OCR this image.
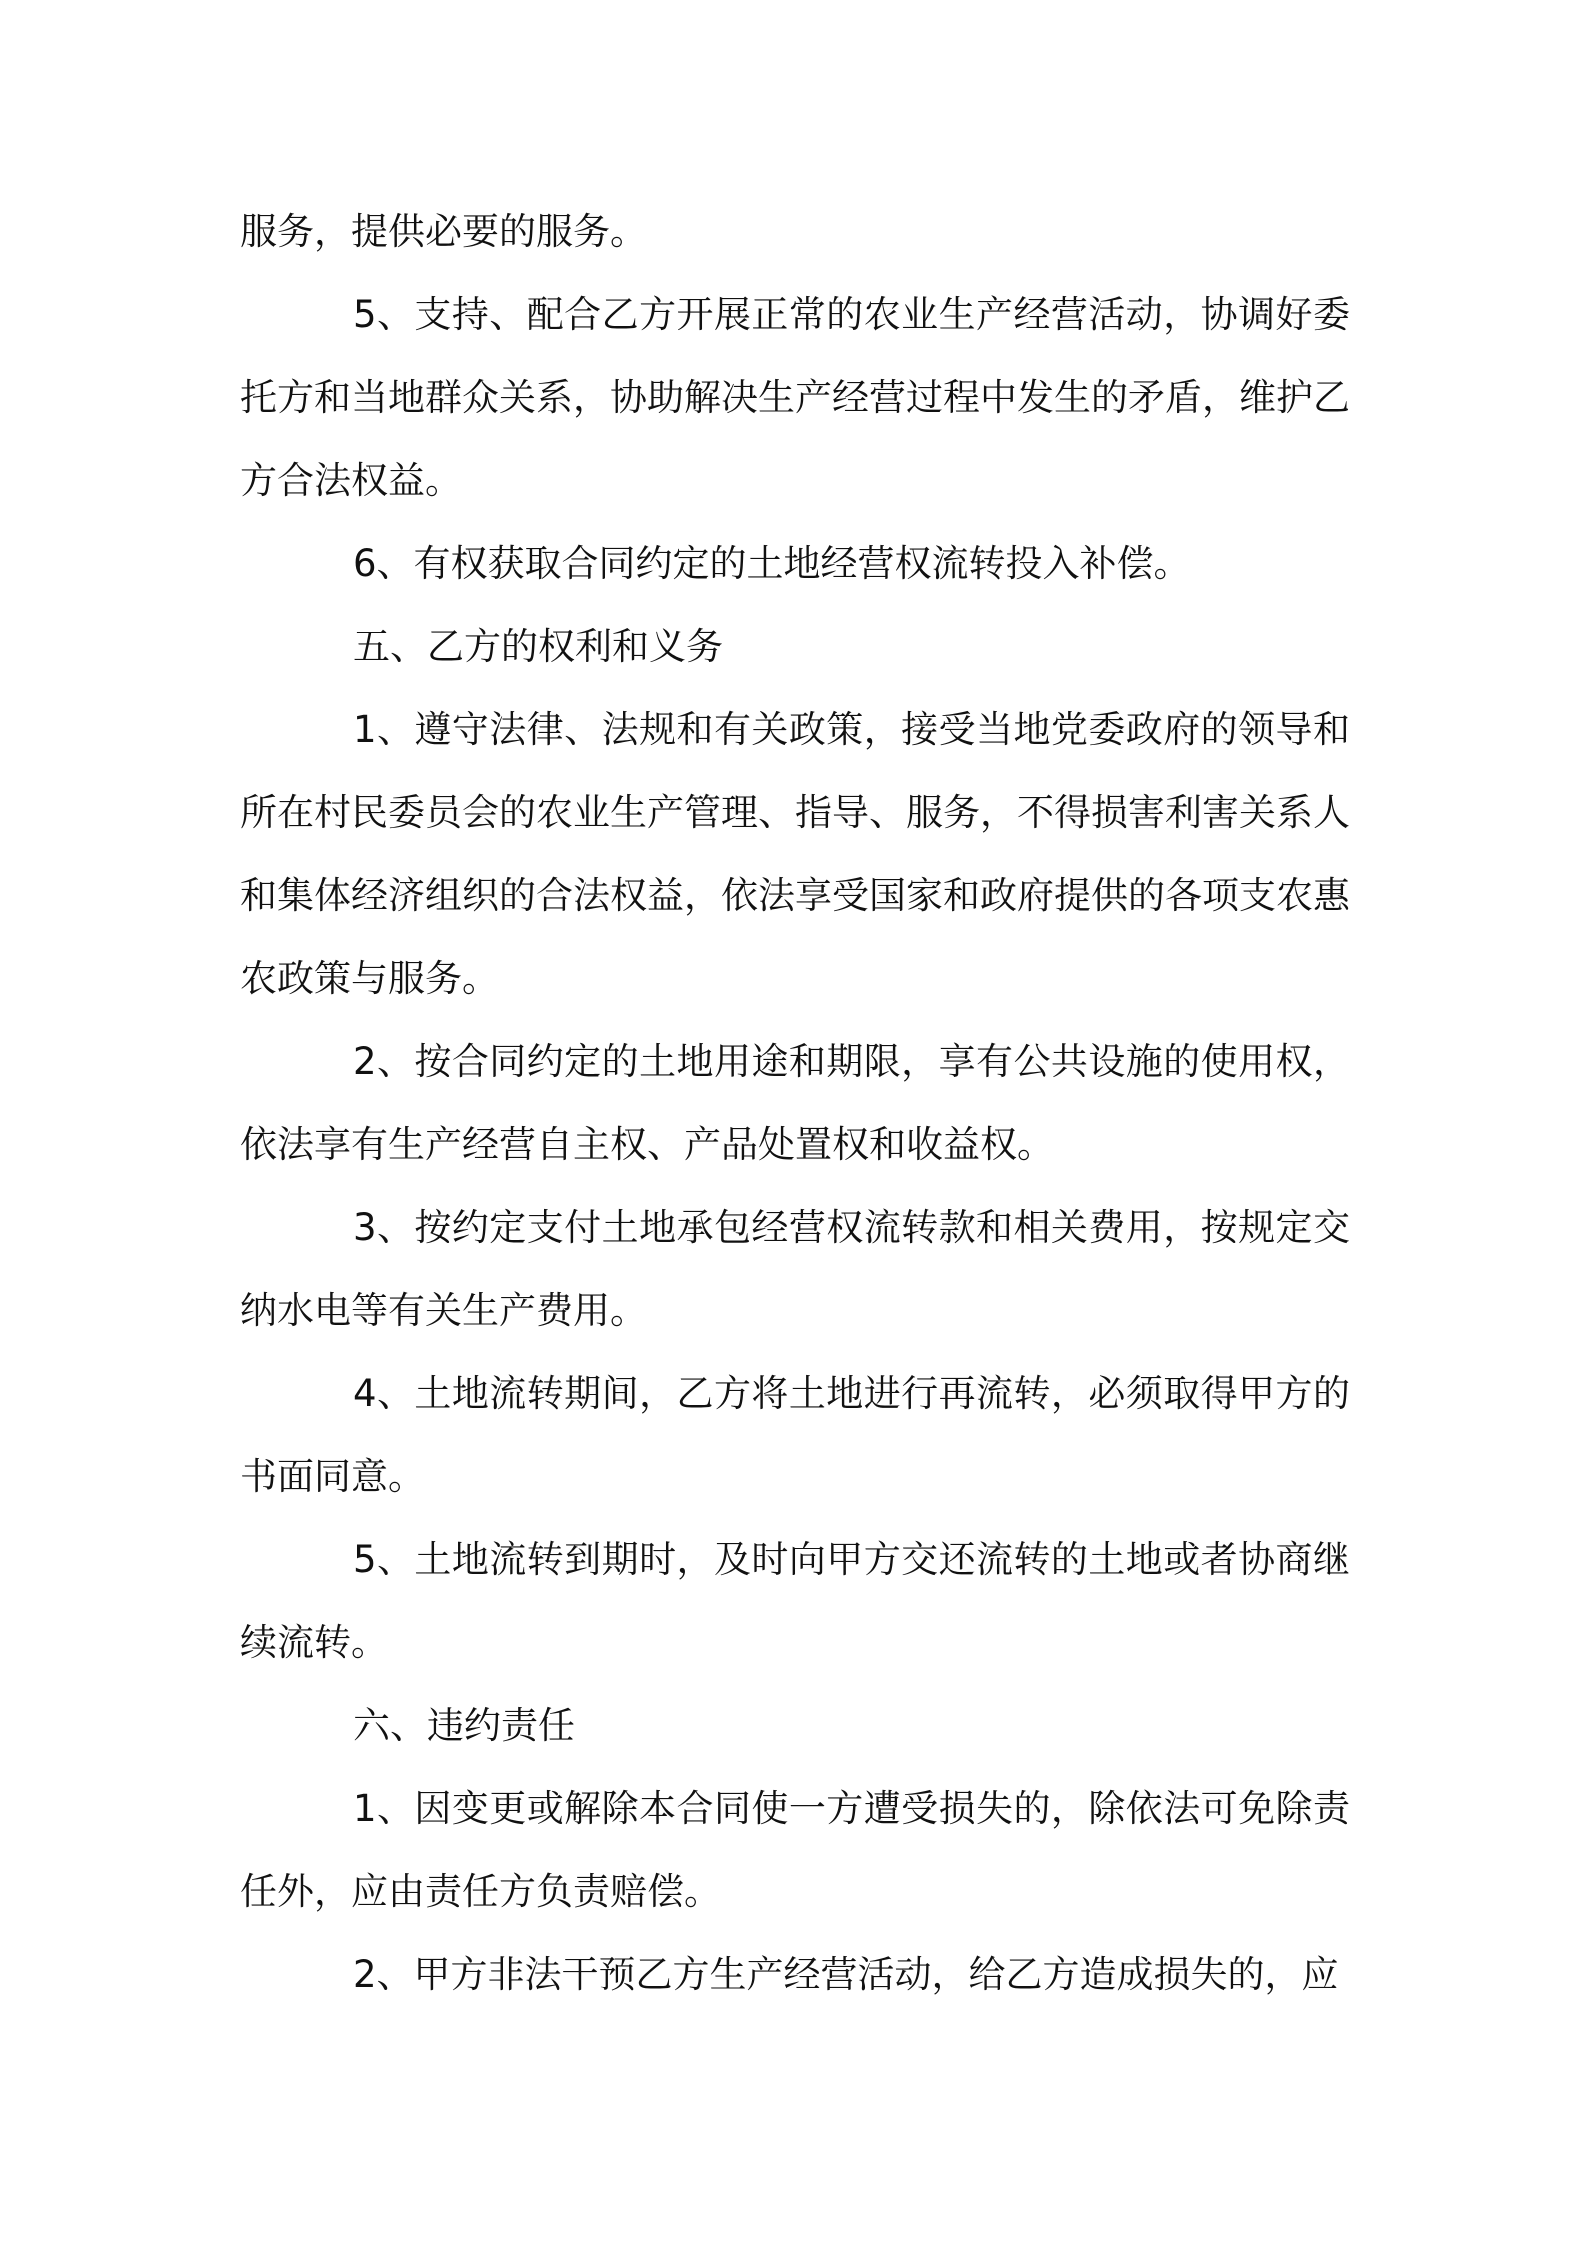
服务，提供必要的服务。

5、支持、配合乙方开展正常的农业生产经营活动，协调好委托方和当地群众关系，协助解决生产经营过程中发生的矛盾，维护乙方合法权益。

6、有权获取合同约定的土地经营权流转投入补偿。

五、乙方的权利和义务

1、遵守法律、法规和有关政策，接受当地党委政府的领导和所在村民委员会的农业生产管理、指导、服务，不得损害利害关系人和集体经济组织的合法权益，依法享受国家和政府提供的各项支农惠农政策与服务。

2、按合同约定的土地用途和期限，享有公共设施的使用权，依法享有生产经营自主权、产品处置权和收益权。

3、按约定支付土地承包经营权流转款和相关费用，按规定交纳水电等有关生产费用。

4、土地流转期间，乙方将土地进行再流转，必须取得甲方的书面同意。

5、土地流转到期时，及时向甲方交还流转的土地或者协商继续流转。

六、违约责任

1、因变更或解除本合同使一方遭受损失的，除依法可免除责任外，应由责任方负责赔偿。

2、甲方非法干预乙方生产经营活动，给乙方造成损失的，应
